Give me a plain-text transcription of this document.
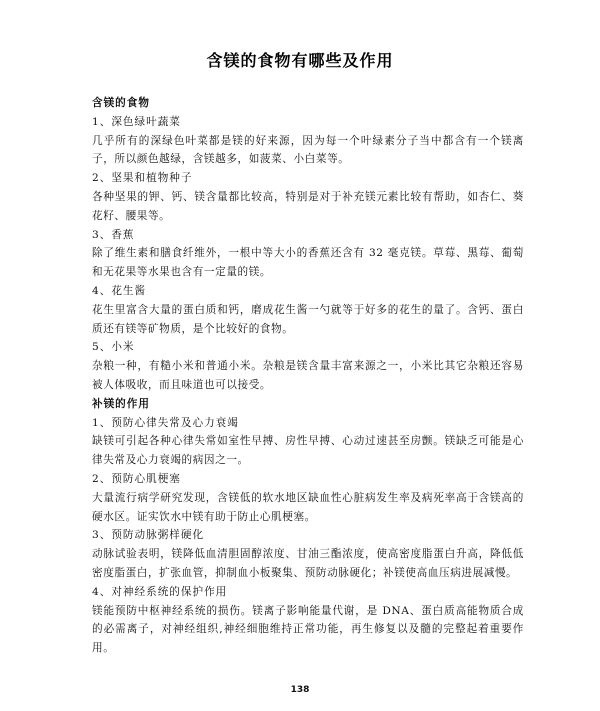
含镁的食物有哪些及作用

含镁的食物

1、深色绿叶蔬菜

几乎所有的深绿色叶菜都是镁的好来源，因为每一个叶绿素分子当中都含有一个镁离子，所以颜色越绿，含镁越多，如菠菜、小白菜等。

2、坚果和植物种子

各种坚果的钾、钙、镁含量都比较高，特别是对于补充镁元素比较有帮助，如杏仁、葵花籽、腰果等。

3、香蕉

除了维生素和膳食纤维外，一根中等大小的香蕉还含有 32 毫克镁。草莓、黑莓、葡萄和无花果等水果也含有一定量的镁。

4、花生酱

花生里富含大量的蛋白质和钙，磨成花生酱一勺就等于好多的花生的量了。含钙、蛋白质还有镁等矿物质，是个比较好的食物。

5、小米

杂粮一种，有糙小米和普通小米。杂粮是镁含量丰富来源之一，小米比其它杂粮还容易被人体吸收，而且味道也可以接受。

补镁的作用

1、预防心律失常及心力衰竭

缺镁可引起各种心律失常如室性早搏、房性早搏、心动过速甚至房颤。镁缺乏可能是心律失常及心力衰竭的病因之一。

2、预防心肌梗塞

大量流行病学研究发现，含镁低的软水地区缺血性心脏病发生率及病死率高于含镁高的硬水区。证实饮水中镁有助于防止心肌梗塞。

3、预防动脉粥样硬化

动脉试验表明，镁降低血清胆固醇浓度、甘油三酯浓度，使高密度脂蛋白升高，降低低密度脂蛋白，扩张血管，抑制血小板聚集、预防动脉硬化；补镁使高血压病进展减慢。

4、对神经系统的保护作用

镁能预防中枢神经系统的损伤。镁离子影响能量代谢，是 DNA、蛋白质高能物质合成的必需离子，对神经组织,神经细胞维持正常功能，再生修复以及髓的完整起着重要作用。

138
